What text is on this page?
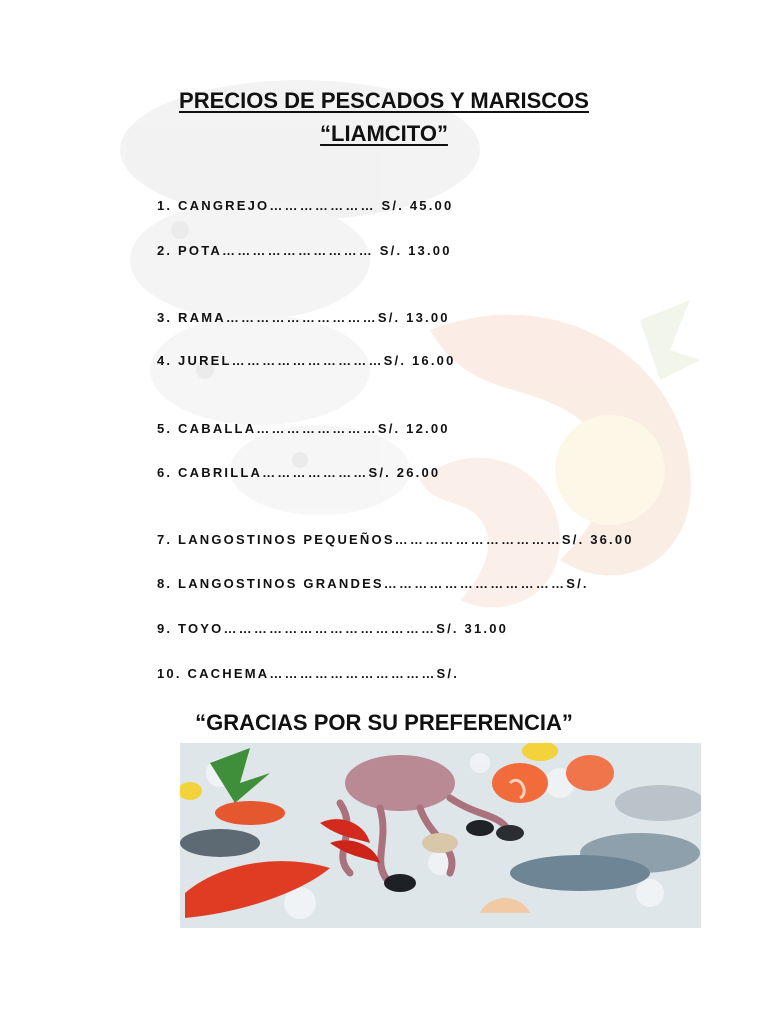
PRECIOS DE PESCADOS Y MARISCOS
“LIAMCITO”
1. CANGREJO………………… S/. 45.00
2. POTA………………………… S/. 13.00
3. RAMA…………………………S/. 13.00
4. JUREL…………………………S/. 16.00
5. CABALLA……………………S/. 12.00
6. CABRILLA…………………S/. 26.00
7. LANGOSTINOS PEQUEÑOS……………………………S/. 36.00
8. LANGOSTINOS GRANDES………………………………S/.
9. TOYO……………………………………S/. 31.00
10. CACHEMA……………………………S/.
“GRACIAS POR SU PREFERENCIA”
